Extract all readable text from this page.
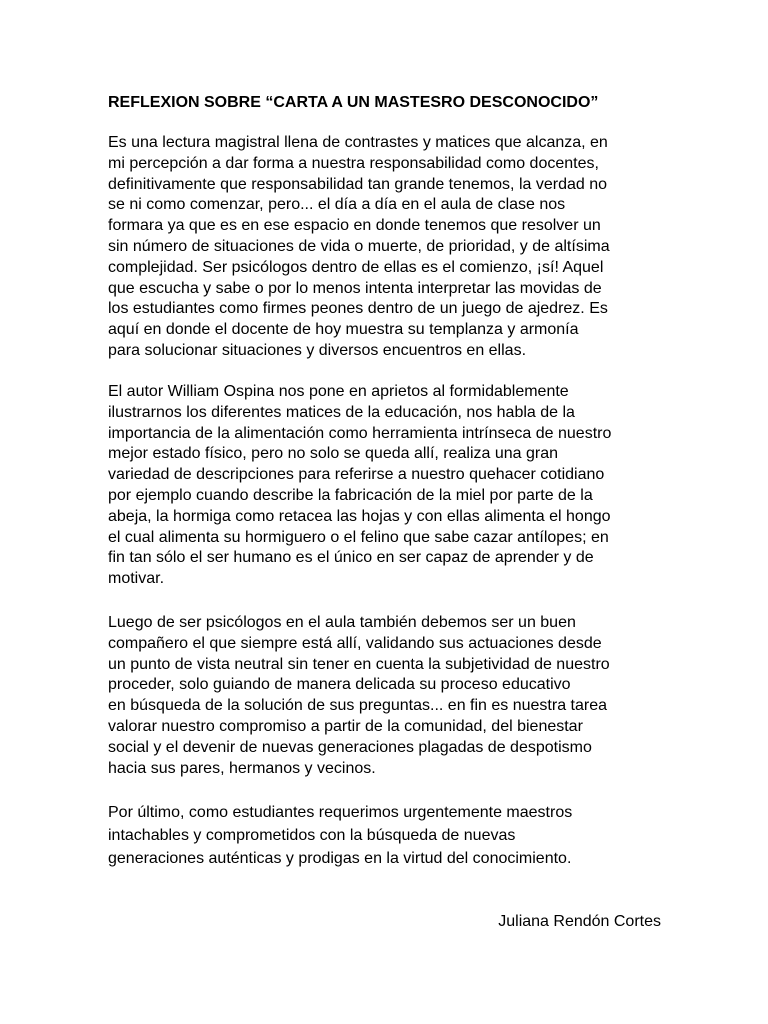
REFLEXION SOBRE “CARTA A UN MASTESRO DESCONOCIDO”

Es una lectura magistral llena de contrastes y matices que alcanza, en
mi percepción a dar forma a nuestra responsabilidad como docentes,
definitivamente que responsabilidad tan grande tenemos, la verdad no
se ni como comenzar, pero... el día a día en el aula de clase nos
formara ya que es en ese espacio en donde tenemos que resolver un
sin número de situaciones de vida o muerte, de prioridad, y de altísima
complejidad. Ser psicólogos dentro de ellas es el comienzo, ¡sí! Aquel
que escucha y sabe o por lo menos intenta interpretar las movidas de
los estudiantes como firmes peones dentro de un juego de ajedrez. Es
aquí en donde el docente de hoy muestra su templanza y armonía
para solucionar situaciones y diversos encuentros en ellas.

El autor William Ospina nos pone en aprietos al formidablemente
ilustrarnos los diferentes matices de la educación, nos habla de la
importancia de la alimentación como herramienta intrínseca de nuestro
mejor estado físico, pero no solo se queda allí, realiza una gran
variedad de descripciones para referirse a nuestro quehacer cotidiano
por ejemplo cuando describe la fabricación de la miel por parte de la
abeja, la hormiga como retacea las hojas y con ellas alimenta el hongo
el cual alimenta su hormiguero o el felino que sabe cazar antílopes; en
fin tan sólo el ser humano es el único en ser capaz de aprender y de
motivar.

Luego de ser psicólogos en el aula también debemos ser un buen
compañero el que siempre está allí, validando sus actuaciones desde
un punto de vista neutral sin tener en cuenta la subjetividad de nuestro
proceder, solo guiando de manera delicada su proceso educativo
en búsqueda de la solución de sus preguntas... en fin es nuestra tarea
valorar nuestro compromiso a partir de la comunidad, del bienestar
social y el devenir de nuevas generaciones plagadas de despotismo
hacia sus pares, hermanos y vecinos.

Por último, como estudiantes requerimos urgentemente maestros
intachables y comprometidos con la búsqueda de nuevas
generaciones auténticas y prodigas en la virtud del conocimiento.

Juliana Rendón Cortes
